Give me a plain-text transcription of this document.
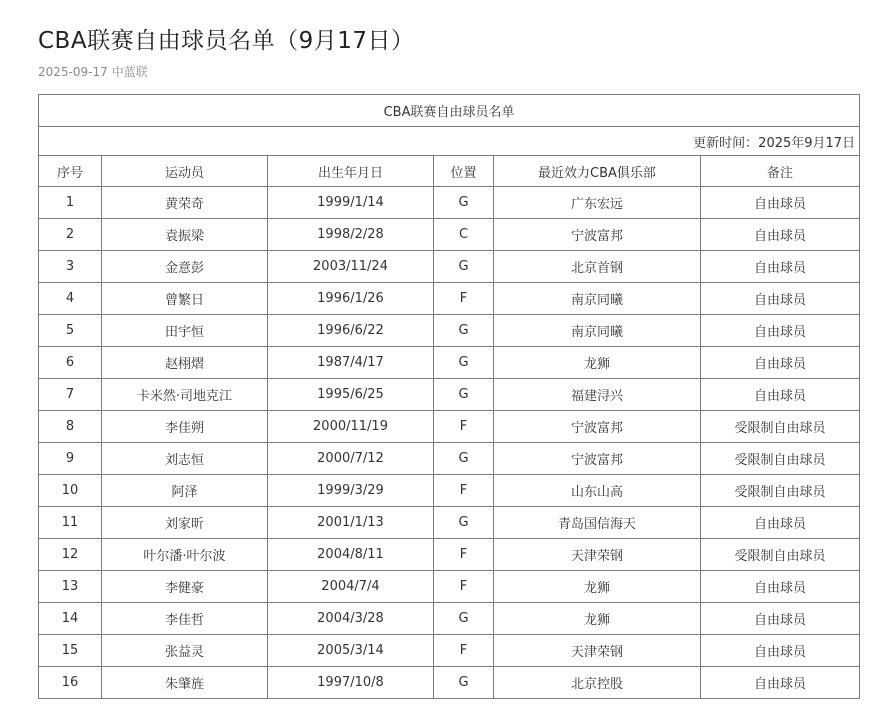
CBA联赛自由球员名单（9月17日）
2025-09-17 中蓝联
CBA联赛自由球员名单					
更新时间：2025年9月17日					
序号	运动员	出生年月日	位置	最近效力CBA俱乐部	备注
1	黄荣奇	1999/1/14	G	广东宏远	自由球员
2	袁振梁	1998/2/28	C	宁波富邦	自由球员
3	金意彭	2003/11/24	G	北京首钢	自由球员
4	曾繁日	1996/1/26	F	南京同曦	自由球员
5	田宇恒	1996/6/22	G	南京同曦	自由球员
6	赵栩熠	1987/4/17	G	龙狮	自由球员
7	卡米然·司地克江	1995/6/25	G	福建浔兴	自由球员
8	李佳朔	2000/11/19	F	宁波富邦	受限制自由球员
9	刘志恒	2000/7/12	G	宁波富邦	受限制自由球员
10	阿泽	1999/3/29	F	山东山高	受限制自由球员
11	刘家昕	2001/1/13	G	青岛国信海天	自由球员
12	叶尔潘·叶尔波	2004/8/11	F	天津荣钢	受限制自由球员
13	李健豪	2004/7/4	F	龙狮	自由球员
14	李佳哲	2004/3/28	G	龙狮	自由球员
15	张益灵	2005/3/14	F	天津荣钢	自由球员
16	朱肇旌	1997/10/8	G	北京控股	自由球员
